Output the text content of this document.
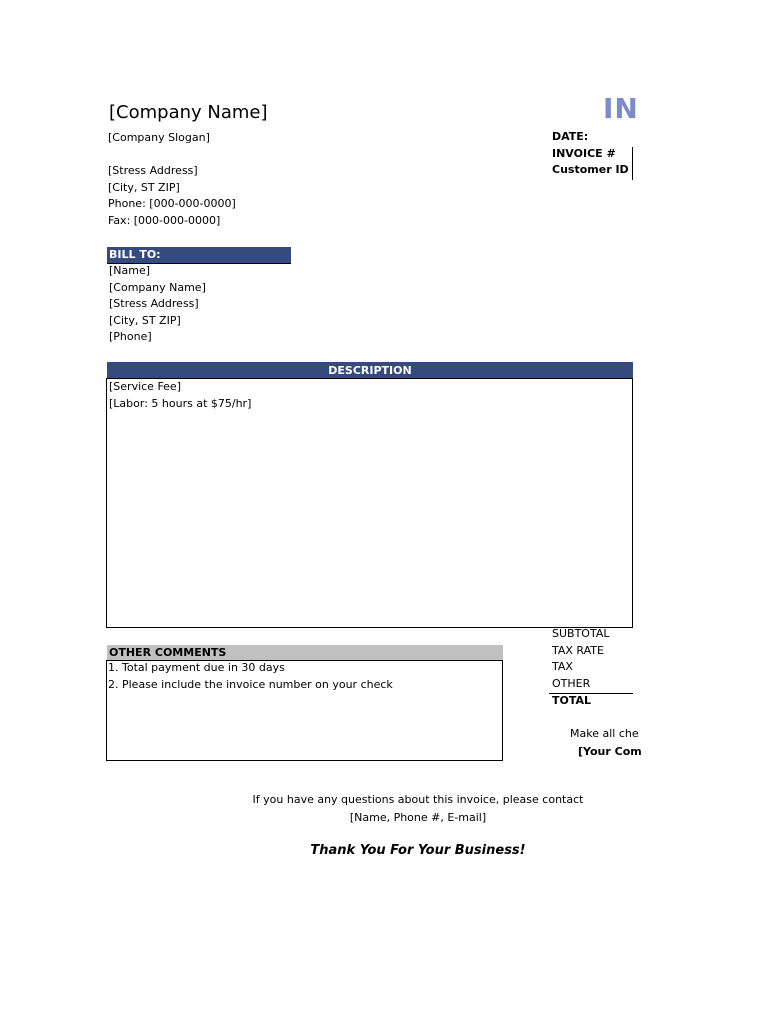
[Company Name]
[Company Slogan]
[Stress Address]
[City, ST ZIP]
Phone: [000-000-0000]
Fax: [000-000-0000]
IN
DATE:
INVOICE #
Customer ID
BILL TO:
[Name]
[Company Name]
[Stress Address]
[City, ST ZIP]
[Phone]
DESCRIPTION
[Service Fee]
[Labor: 5 hours at $75/hr]
OTHER COMMENTS
1. Total payment due in 30 days
2. Please include the invoice number on your check
SUBTOTAL
TAX RATE
TAX
OTHER
TOTAL
Make all che
[Your Com
If you have any questions about this invoice, please contact
[Name, Phone #, E-mail]
Thank You For Your Business!
